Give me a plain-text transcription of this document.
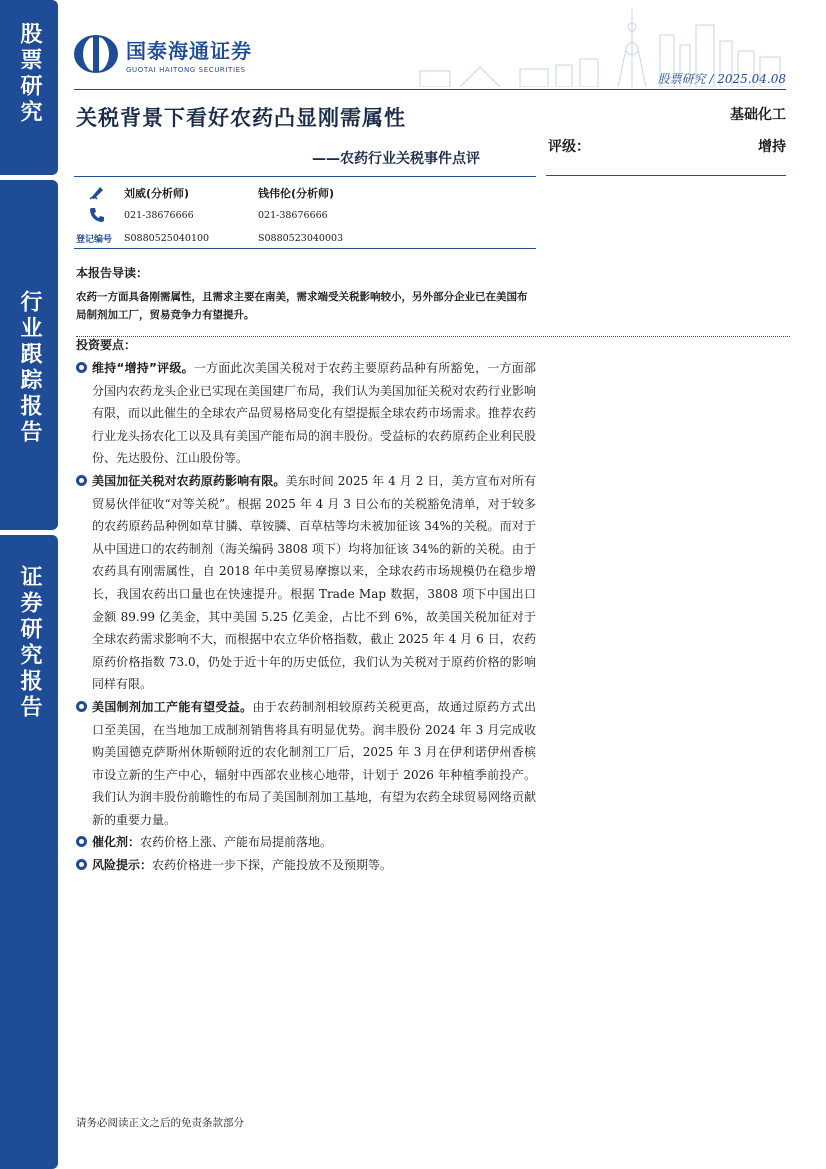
股票研究
行业跟踪报告
证券研究报告
国泰海通证券
GUOTAI HAITONG SECURITIES
股票研究 / 2025.04.08
关税背景下看好农药凸显刚需属性
——农药行业关税事件点评
基础化工
评级：	增持
刘威(分析师)	钱伟伦(分析师)
021-38676666	021-38676666
登记编号 S0880525040100	S0880523040003
本报告导读：
农药一方面具备刚需属性，且需求主要在南美，需求端受关税影响较小，另外部分企业已在美国布局制剂加工厂，贸易竞争力有望提升。
投资要点：
维持“增持”评级。一方面此次美国关税对于农药主要原药品种有所豁免，一方面部分国内农药龙头企业已实现在美国建厂布局，我们认为美国加征关税对农药行业影响有限，而以此催生的全球农产品贸易格局变化有望提振全球农药市场需求。推荐农药行业龙头扬农化工以及具有美国产能布局的润丰股份。受益标的农药原药企业利民股份、先达股份、江山股份等。
美国加征关税对农药原药影响有限。美东时间 2025 年 4 月 2 日，美方宣布对所有贸易伙伴征收“对等关税”。根据 2025 年 4 月 3 日公布的关税豁免清单，对于较多的农药原药品种例如草甘膦、草铵膦、百草枯等均未被加征该 34%的关税。而对于从中国进口的农药制剂（海关编码 3808 项下）均将加征该 34%的新的关税。由于农药具有刚需属性，自 2018 年中美贸易摩擦以来，全球农药市场规模仍在稳步增长，我国农药出口量也在快速提升。根据 Trade Map 数据，3808 项下中国出口金额 89.99 亿美金，其中美国 5.25 亿美金，占比不到 6%，故美国关税加征对于全球农药需求影响不大，而根据中农立华价格指数，截止 2025 年 4 月 6 日，农药原药价格指数 73.0，仍处于近十年的历史低位，我们认为关税对于原药价格的影响同样有限。
美国制剂加工产能有望受益。由于农药制剂相较原药关税更高，故通过原药方式出口至美国，在当地加工成制剂销售将具有明显优势。润丰股份 2024 年 3 月完成收购美国德克萨斯州休斯顿附近的农化制剂工厂后，2025 年 3 月在伊利诺伊州香槟市设立新的生产中心，辐射中西部农业核心地带，计划于 2026 年种植季前投产。我们认为润丰股份前瞻性的布局了美国制剂加工基地，有望为农药全球贸易网络贡献新的重要力量。
催化剂：农药价格上涨、产能布局提前落地。
风险提示：农药价格进一步下探，产能投放不及预期等。
请务必阅读正文之后的免责条款部分
